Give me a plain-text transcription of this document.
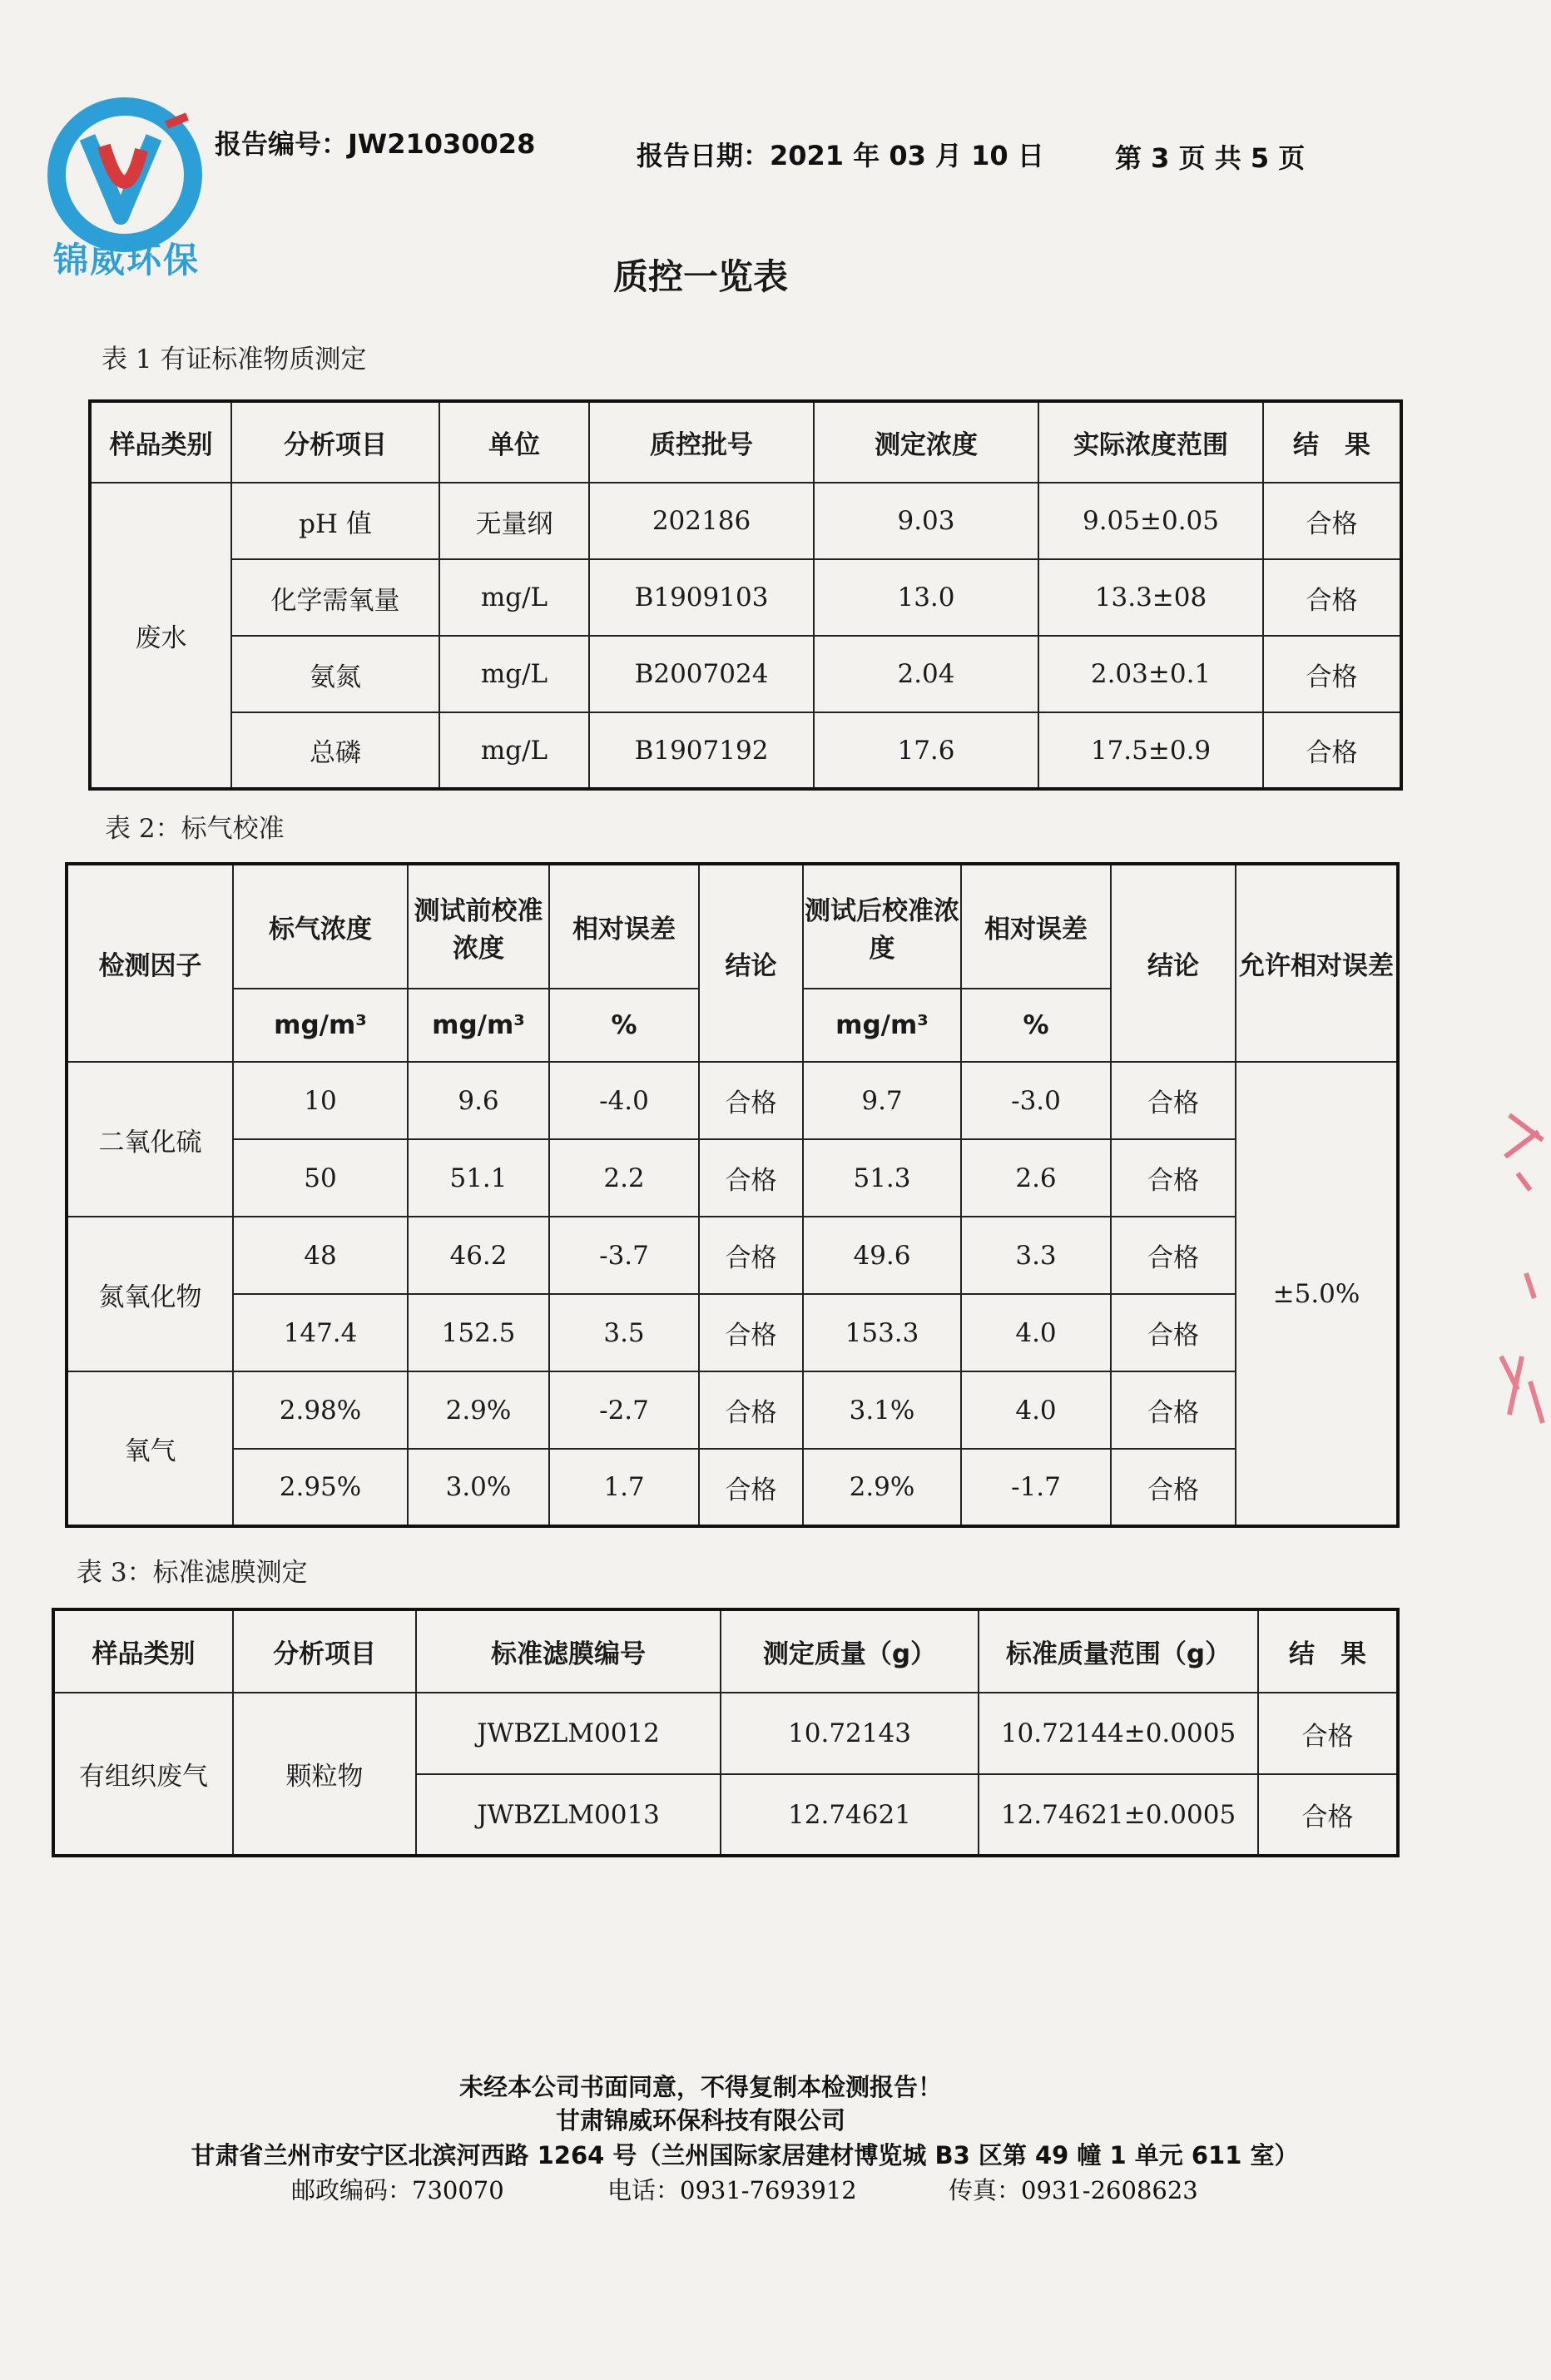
锦威环保
报告编号：JW21030028	报告日期：2021 年 03 月 10 日	第 3 页 共 5 页
质控一览表
表 1 有证标准物质测定
样品类别	分析项目	单位	质控批号	测定浓度	实际浓度范围	结　果
废水	pH 值	无量纲	202186	9.03	9.05±0.05	合格
	化学需氧量	mg/L	B1909103	13.0	13.3±08	合格
	氨氮	mg/L	B2007024	2.04	2.03±0.1	合格
	总磷	mg/L	B1907192	17.6	17.5±0.9	合格
表 2：标气校准
检测因子	标气浓度	测试前校准浓度	相对误差	结论	测试后校准浓度	相对误差	结论	允许相对误差
	mg/m³	mg/m³	%		mg/m³	%		
二氧化硫	10	9.6	-4.0	合格	9.7	-3.0	合格	±5.0%
	50	51.1	2.2	合格	51.3	2.6	合格	
氮氧化物	48	46.2	-3.7	合格	49.6	3.3	合格	
	147.4	152.5	3.5	合格	153.3	4.0	合格	
氧气	2.98%	2.9%	-2.7	合格	3.1%	4.0	合格	
	2.95%	3.0%	1.7	合格	2.9%	-1.7	合格	
表 3：标准滤膜测定
样品类别	分析项目	标准滤膜编号	测定质量（g）	标准质量范围（g）	结　果
有组织废气	颗粒物	JWBZLM0012	10.72143	10.72144±0.0005	合格
		JWBZLM0013	12.74621	12.74621±0.0005	合格
未经本公司书面同意，不得复制本检测报告！
甘肃锦威环保科技有限公司
甘肃省兰州市安宁区北滨河西路 1264 号（兰州国际家居建材博览城 B3 区第 49 幢 1 单元 611 室）
邮政编码：730070	电话：0931-7693912	传真：0931-2608623
